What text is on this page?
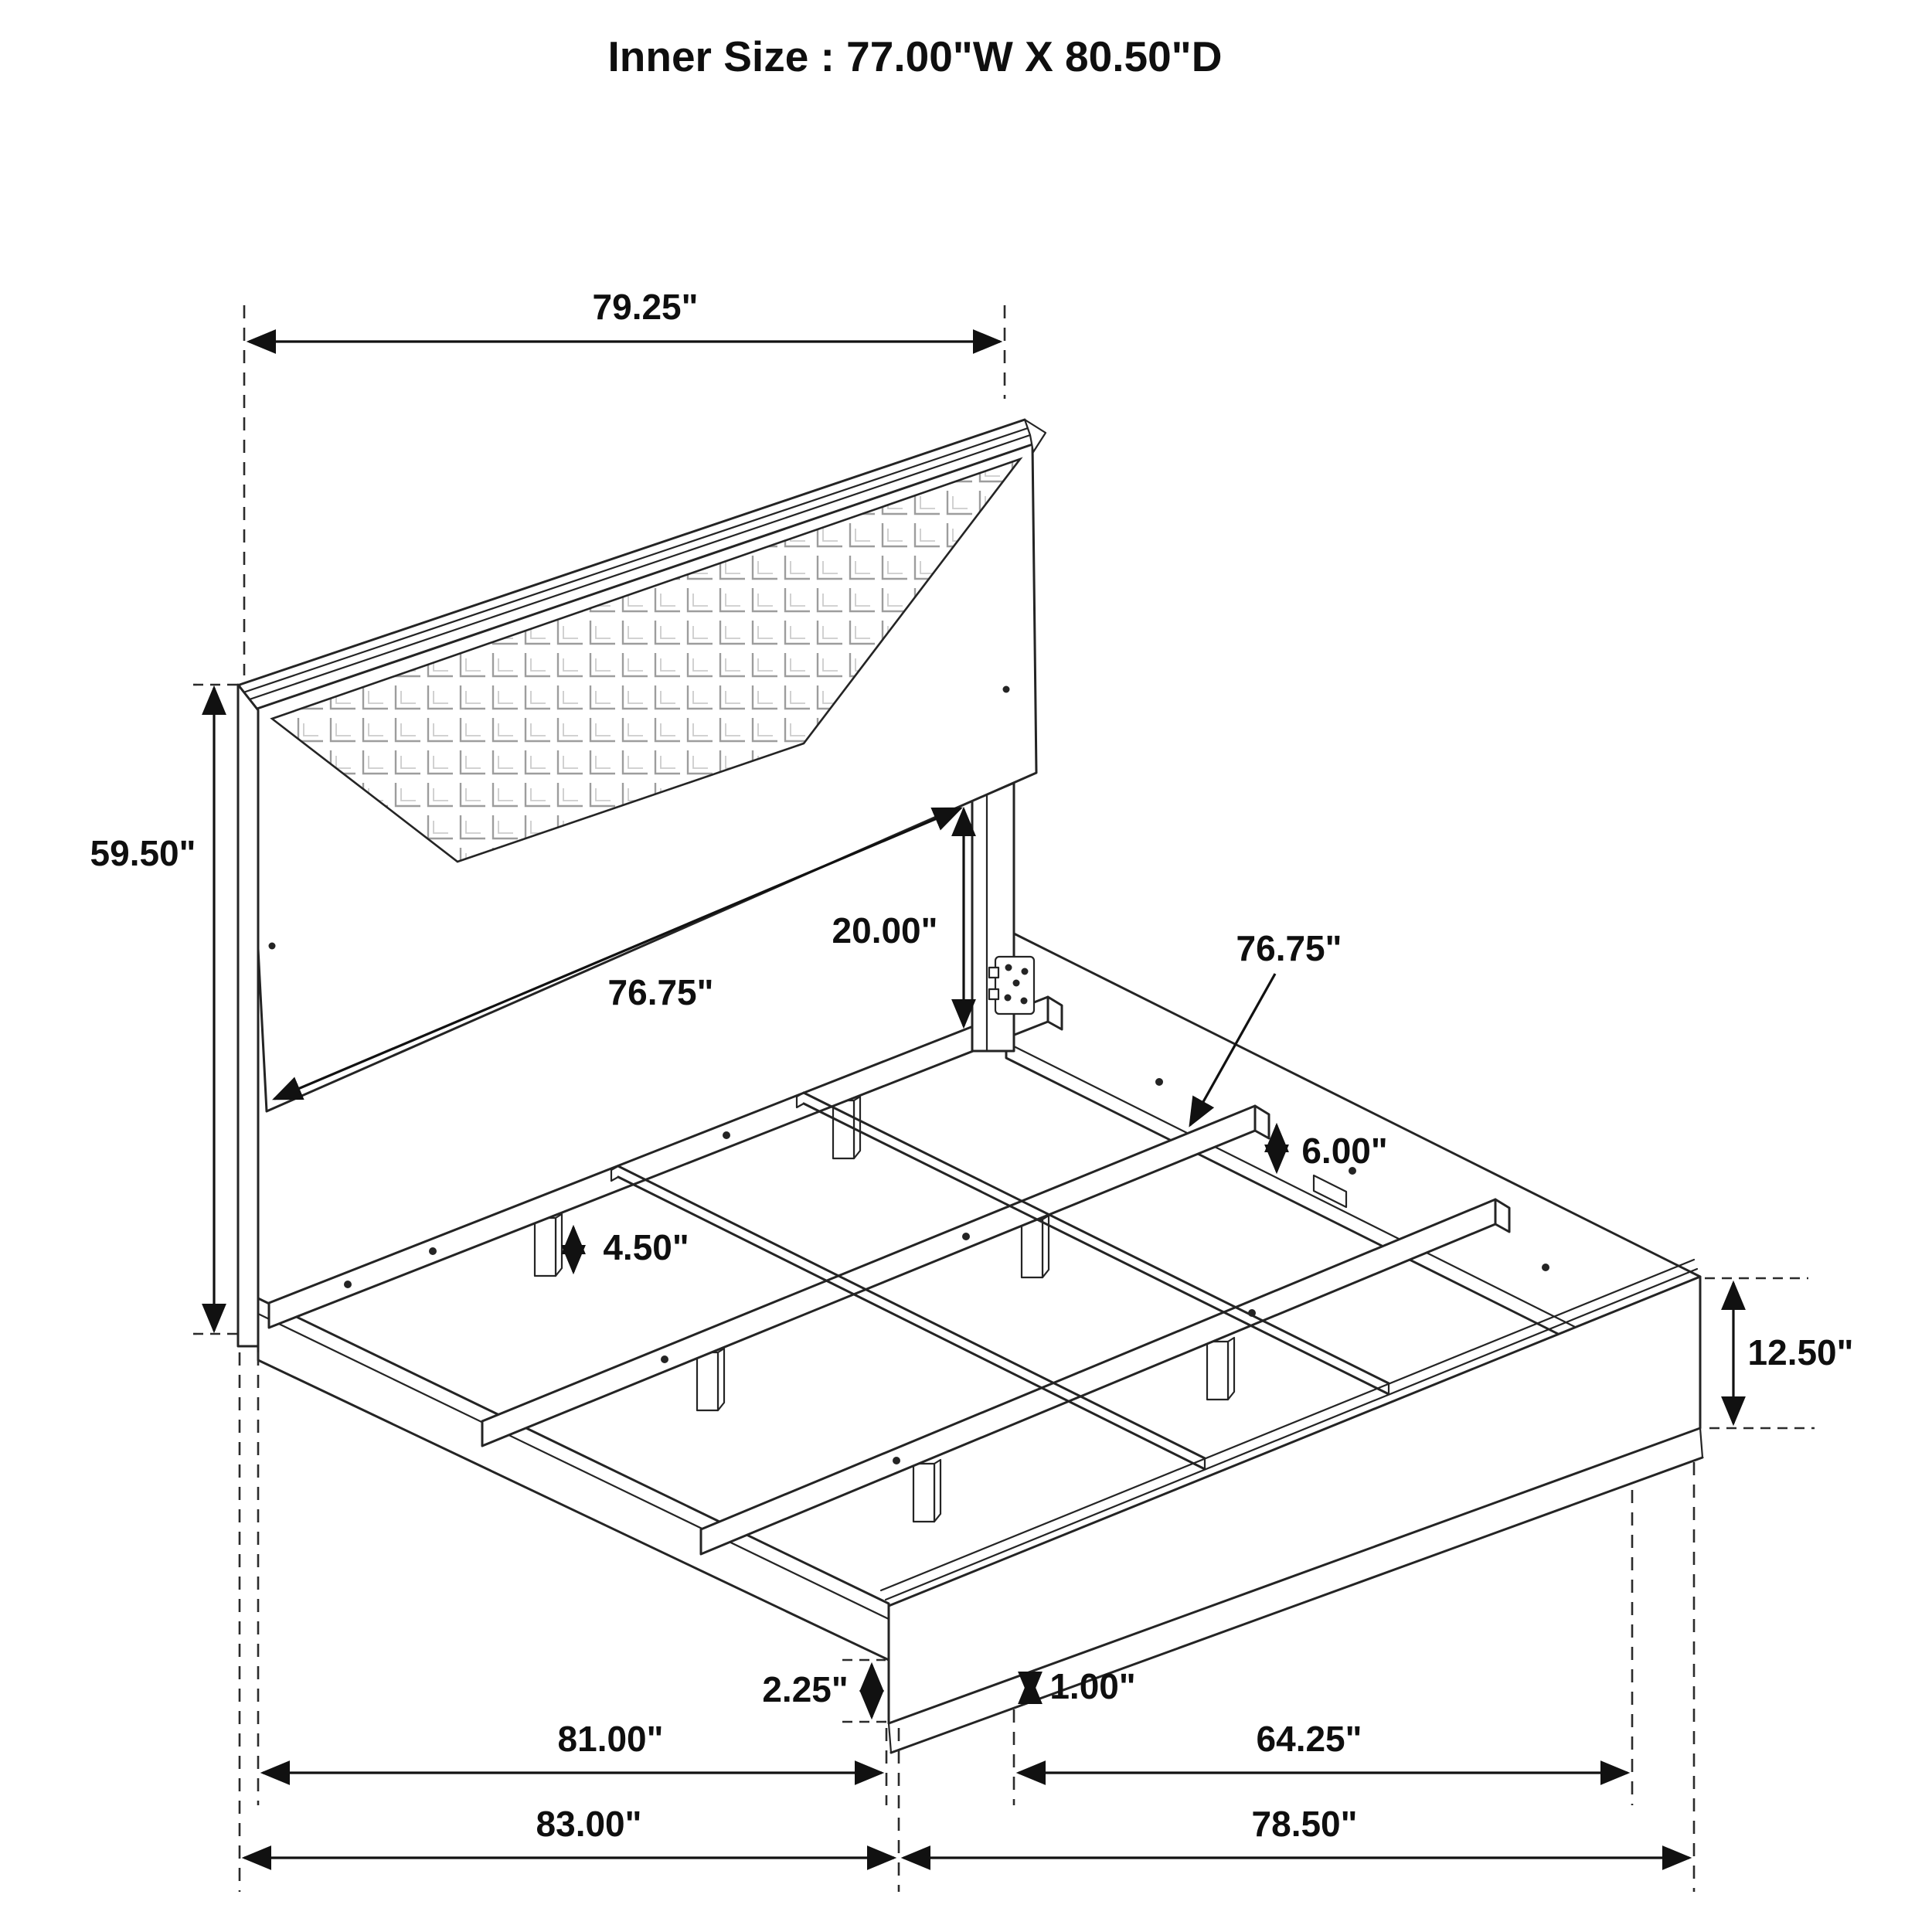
Inner Size : 77.00"W X 80.50"D
79.25"
59.50"
76.75"
20.00"	76.75"
6.00"
4.50"
12.50"
2.25"	1.00"
81.00"	64.25"
83.00"	78.50"
